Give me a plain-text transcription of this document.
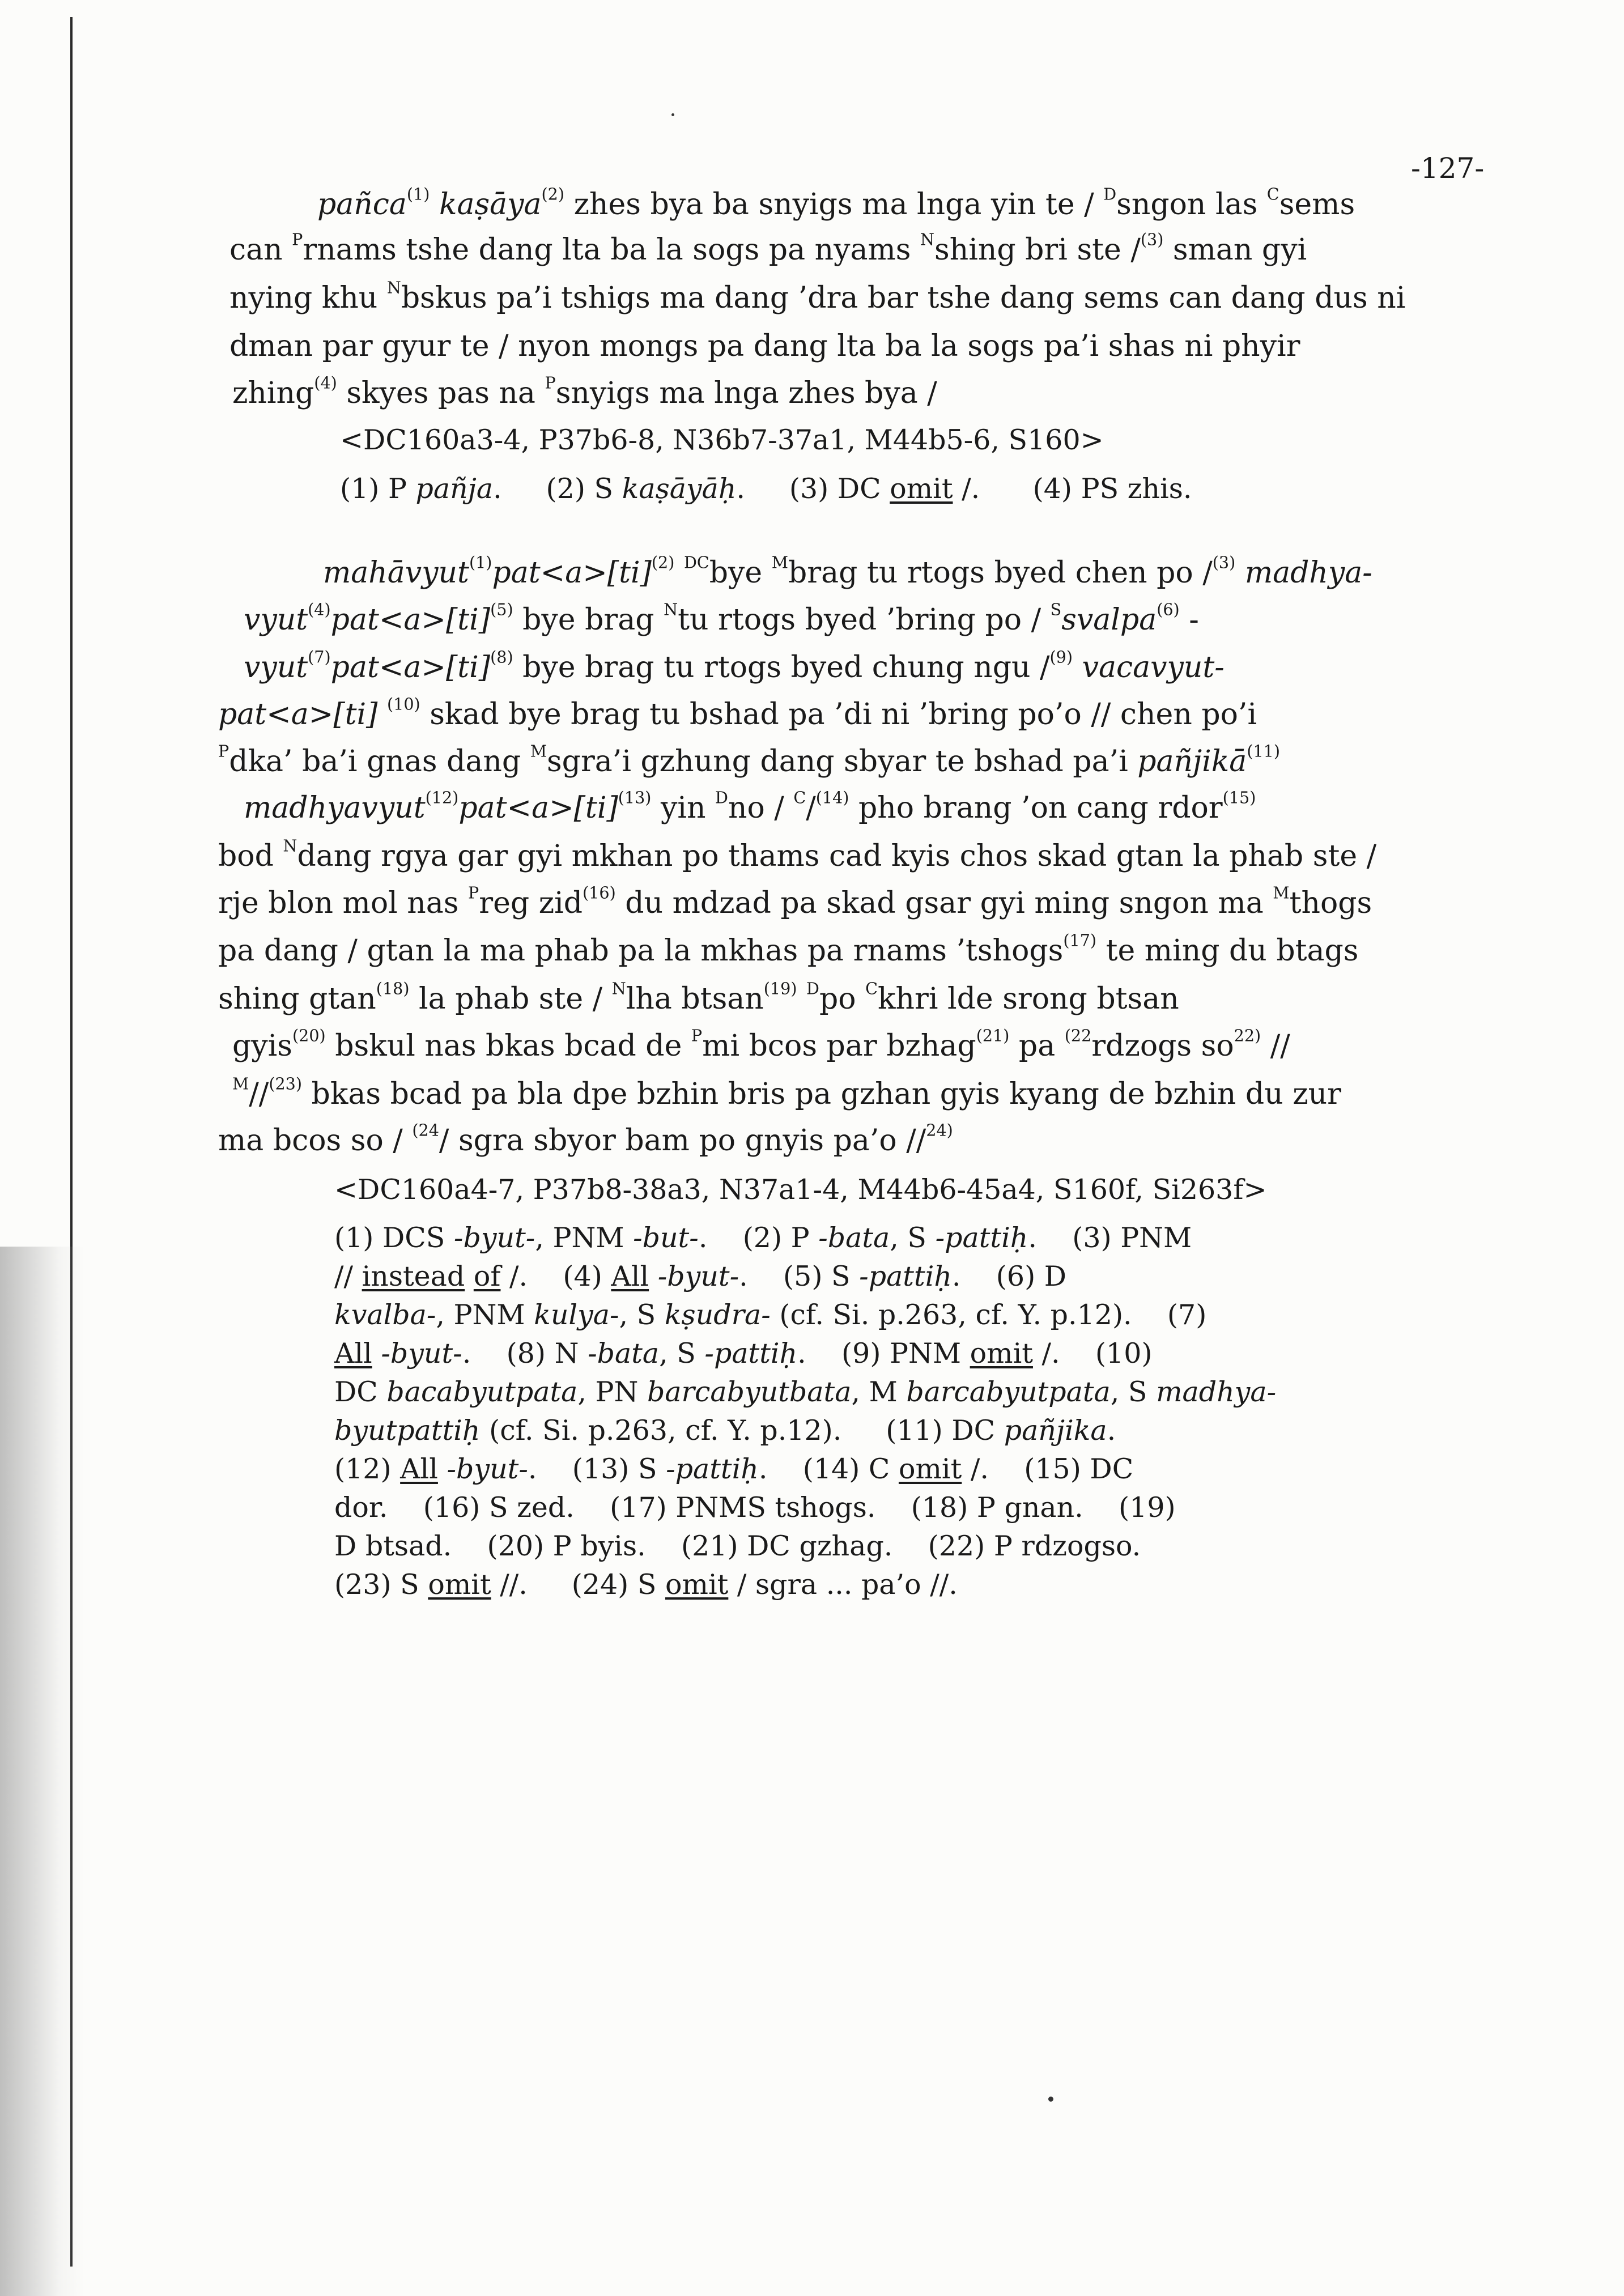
-127-
pañca$^{(1)}$ kaṣāya$^{(2)}$ zhes bya ba snyigs ma lnga yin te / $^D$sngon las $^C$sems
can $^P$rnams tshe dang lta ba la sogs pa nyams $^N$shing bri ste /$^{(3)}$ sman gyi
nying khu $^N$bskus pa’i tshigs ma dang ’dra bar tshe dang sems can dang dus ni
dman par gyur te / nyon mongs pa dang lta ba la sogs pa’i shas ni phyir
zhing$^{(4)}$ skyes pas na $^P$snyigs ma lnga zhes bya /
<DC160a3-4, P37b6-8, N36b7-37a1, M44b5-6, S160>
(1) P pañja.     (2) S kaṣāyāḥ.     (3) DC omit /.      (4) PS zhis.
mahāvyut$^{(1)}$pat<a>[ti]$^{(2)}$ $^{DC}$bye $^M$brag tu rtogs byed chen po /$^{(3)}$ madhya-
vyut$^{(4)}$pat<a>[ti]$^{(5)}$ bye brag $^N$tu rtogs byed ’bring po / $^S$svalpa$^{(6)}$ -
vyut$^{(7)}$pat<a>[ti]$^{(8)}$ bye brag tu rtogs byed chung ngu /$^{(9)}$ vacavyut-
pat<a>[ti] $^{(10)}$ skad bye brag tu bshad pa ’di ni ’bring po’o // chen po’i
$^P$dka’ ba’i gnas dang $^M$sgra’i gzhung dang sbyar te bshad pa’i pañjikā$^{(11)}$
madhyavyut$^{(12)}$pat<a>[ti]$^{(13)}$ yin $^D$no / $^C$/$^{(14)}$ pho brang ’on cang rdor$^{(15)}$
bod $^N$dang rgya gar gyi mkhan po thams cad kyis chos skad gtan la phab ste /
rje blon mol nas $^P$reg zid$^{(16)}$ du mdzad pa skad gsar gyi ming sngon ma $^M$thogs
pa dang / gtan la ma phab pa la mkhas pa rnams ’tshogs$^{(17)}$ te ming du btags
shing gtan$^{(18)}$ la phab ste / $^N$lha btsan$^{(19)}$ $^D$po $^C$khri lde srong btsan
gyis$^{(20)}$ bskul nas bkas bcad de $^P$mi bcos par bzhag$^{(21)}$ pa $^{(22}$rdzogs $so^{22)}$ //
$^M$//$^{(23)}$ bkas bcad pa bla dpe bzhin bris pa gzhan gyis kyang de bzhin du zur
ma bcos so / $^{(24}$/ sgra sbyor bam po gnyis pa’o //$^{24)}$
<DC160a4-7, P37b8-38a3, N37a1-4, M44b6-45a4, S160f, Si263f>
(1) DCS -byut-, PNM -but-.    (2) P -bata, S -pattiḥ.    (3) PNM
// instead of /.    (4) All -byut-.    (5) S -pattiḥ.    (6) D
kvalba-, PNM kulya-, S kṣudra- (cf. Si. p.263, cf. Y. p.12).    (7)
All -byut-.    (8) N -bata, S -pattiḥ.    (9) PNM omit /.    (10)
DC bacabyutpata, PN barcabyutbata, M barcabyutpata, S madhya-
byutpattiḥ (cf. Si. p.263, cf. Y. p.12).     (11) DC pañjika.
(12) All -byut-.    (13) S -pattiḥ.    (14) C omit /.    (15) DC
dor.    (16) S zed.    (17) PNMS tshogs.    (18) P gnan.    (19)
D btsad.    (20) P byis.    (21) DC gzhag.    (22) P rdzogso.
(23) S omit //.     (24) S omit / sgra ... pa’o //.
